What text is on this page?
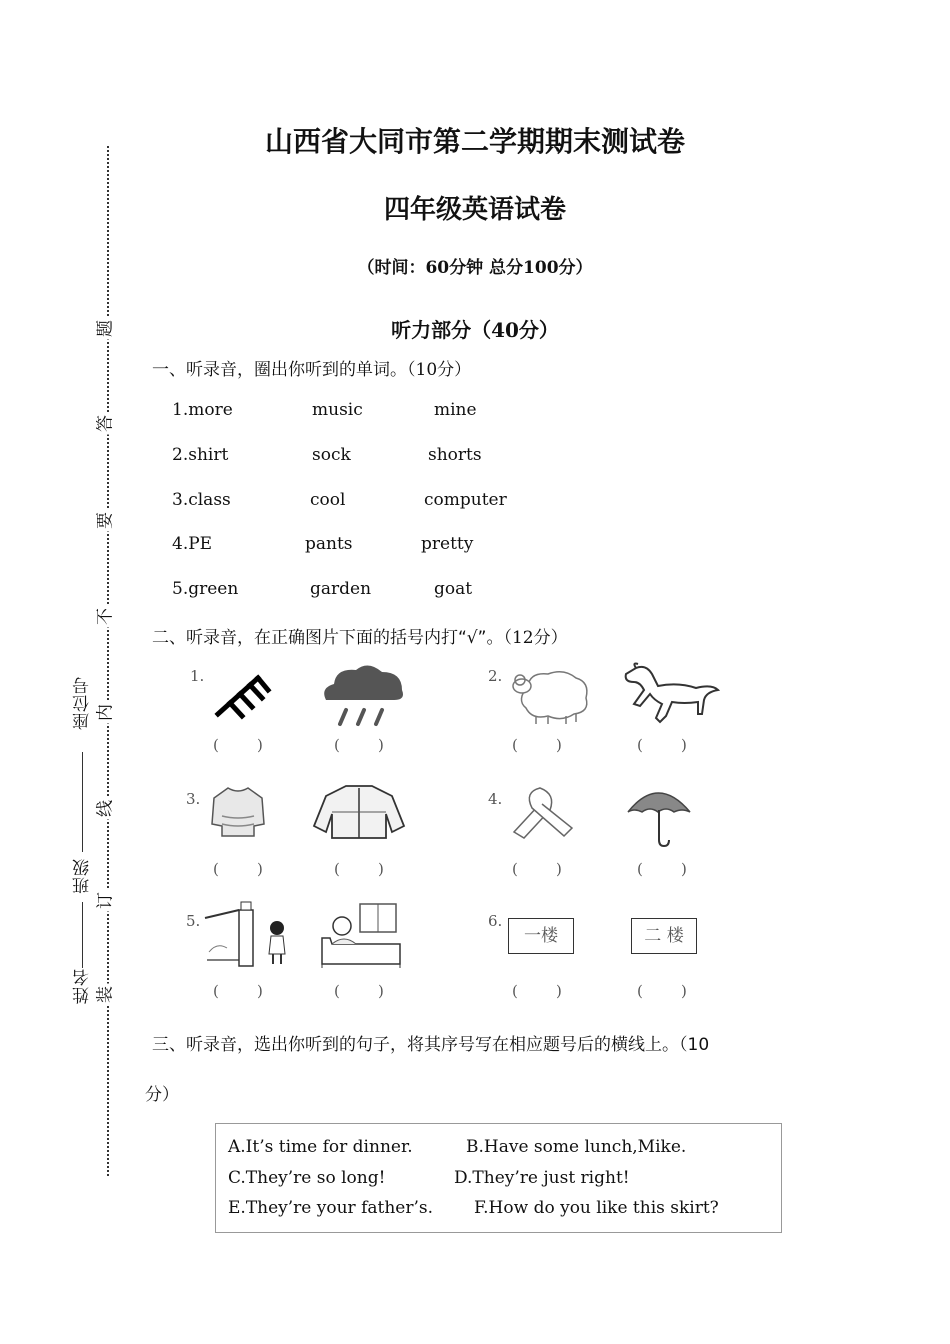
题
答
要
不
内
线
订
装
座位号
班级
姓名
山西省大同市第二学期期末测试卷
四年级英语试卷
（时间：60分钟 总分100分）
听力部分（40分）
一、听录音，圈出你听到的单词。（10分）
1.more	music	mine
2.shirt	sock	shorts
3.class	cool	computer
4.PE	pants	pretty
5.green	garden	goat
二、听录音，在正确图片下面的括号内打“√”。（12分）
1.
(        )	(        )
2.
(        )	(        )
3.
(        )	(        )
4.
(        )	(        )
5.
(        )	(        )
6.
一楼	二 楼
(        )	(        )
三、听录音，选出你听到的句子，将其序号写在相应题号后的横线上。（10
分）
A.It’s time for dinner.	B.Have some lunch,Mike.
C.They’re so long!	D.They’re just right!
E.They’re your father’s. F.How do you like this skirt?
